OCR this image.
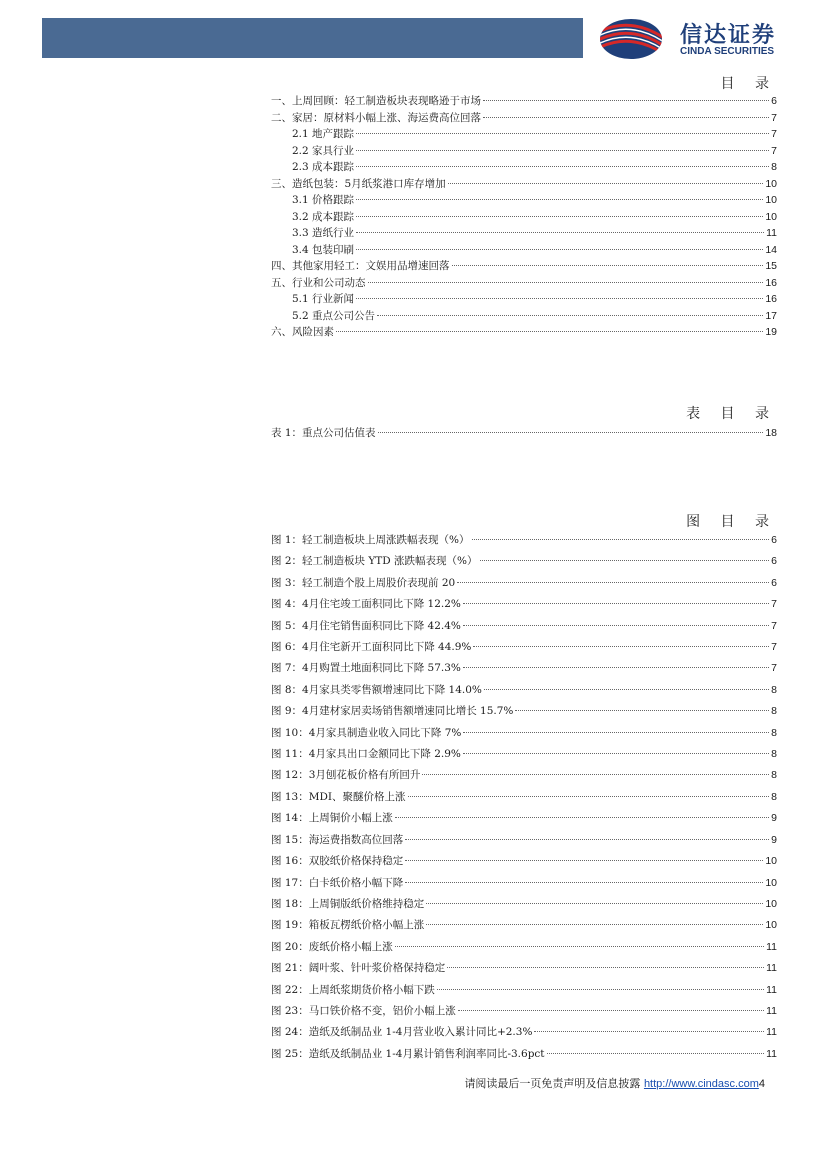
信达证券
CINDA SECURITIES
目 录
一、上周回顾：轻工制造板块表现略逊于市场	6
二、家居：原材料小幅上涨、海运费高位回落	7
2.1 地产跟踪	7
2.2 家具行业	7
2.3 成本跟踪	8
三、造纸包装：5月纸浆港口库存增加	10
3.1 价格跟踪	10
3.2 成本跟踪	10
3.3 造纸行业	11
3.4 包装印刷	14
四、其他家用轻工：文娱用品增速回落	15
五、行业和公司动态	16
5.1 行业新闻	16
5.2 重点公司公告	17
六、风险因素	19
表 目 录
表 1：重点公司估值表	18
图 目 录
图 1：轻工制造板块上周涨跌幅表现（%）	6
图 2：轻工制造板块 YTD 涨跌幅表现（%）	6
图 3：轻工制造个股上周股价表现前 20	6
图 4：4月住宅竣工面积同比下降 12.2%	7
图 5：4月住宅销售面积同比下降 42.4%	7
图 6：4月住宅新开工面积同比下降 44.9%	7
图 7：4月购置土地面积同比下降 57.3%	7
图 8：4月家具类零售额增速同比下降 14.0%	8
图 9：4月建材家居卖场销售额增速同比增长 15.7%	8
图 10：4月家具制造业收入同比下降 7%	8
图 11：4月家具出口金额同比下降 2.9%	8
图 12：3月刨花板价格有所回升	8
图 13：MDI、聚醚价格上涨	8
图 14：上周铜价小幅上涨	9
图 15：海运费指数高位回落	9
图 16：双胶纸价格保持稳定	10
图 17：白卡纸价格小幅下降	10
图 18：上周铜版纸价格维持稳定	10
图 19：箱板瓦楞纸价格小幅上涨	10
图 20：废纸价格小幅上涨	11
图 21：阔叶浆、针叶浆价格保持稳定	11
图 22：上周纸浆期货价格小幅下跌	11
图 23：马口铁价格不变，铝价小幅上涨	11
图 24：造纸及纸制品业 1-4月营业收入累计同比+2.3%	11
图 25：造纸及纸制品业 1-4月累计销售利润率同比-3.6pct	11
请阅读最后一页免责声明及信息披露 http://www.cindasc.com4
